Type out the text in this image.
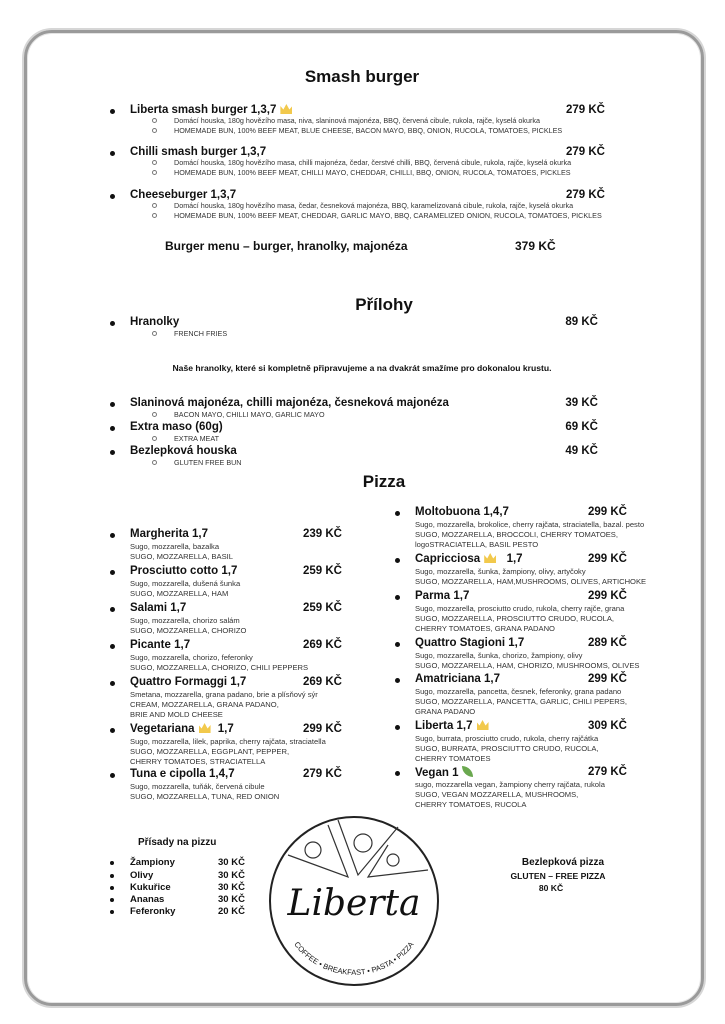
Smash burger
Liberta smash burger 1,3,7	279 KČ
Domácí houska, 180g hovězího masa, niva, slaninová majonéza, BBQ, červená cibule, rukola, rajče, kyselá okurka
HOMEMADE BUN, 100% BEEF MEAT, BLUE CHEESE, BACON MAYO, BBQ, ONION, RUCOLA, TOMATOES, PICKLES
Chilli smash burger 1,3,7	279 KČ
Domácí houska, 180g hovězího masa, chilli majonéza, čedar, čerstvé chilli, BBQ, červená cibule, rukola, rajče, kyselá okurka
HOMEMADE BUN, 100% BEEF MEAT, CHILLI MAYO, CHEDDAR, CHILLI, BBQ, ONION, RUCOLA, TOMATOES, PICKLES
Cheeseburger 1,3,7	279 KČ
Domácí houska, 180g hovězího masa, čedar, česneková majonéza, BBQ, karamelizovaná cibule, rukola, rajče, kyselá okurka
HOMEMADE BUN, 100% BEEF MEAT, CHEDDAR, GARLIC MAYO, BBQ, CARAMELIZED ONION, RUCOLA, TOMATOES, PICKLES
Burger menu – burger, hranolky, majonéza	379 KČ
Přílohy
Hranolky	89 KČ
FRENCH FRIES
Slaninová majonéza, chilli majonéza, česneková majonéza	39 KČ
BACON MAYO, CHILLI MAYO, GARLIC MAYO
Extra maso (60g)	69 KČ
EXTRA MEAT
Bezlepková houska	49 KČ
GLUTEN FREE BUN
Naše hranolky, které si kompletně připravujeme a na dvakrát smažíme pro dokonalou krustu.
Pizza
Margherita 1,7	239 KČ
Sugo, mozzarella, bazalka
SUGO, MOZZARELLA, BASIL
Prosciutto cotto 1,7	259 KČ
Sugo, mozzarella, dušená šunka
SUGO, MOZZARELLA, HAM
Salami 1,7	259 KČ
Sugo, mozzarella, chorizo salám
SUGO, MOZZARELLA, CHORIZO
Picante 1,7	269 KČ
Sugo, mozzarella, chorizo, feferonky
SUGO, MOZZARELLA, CHORIZO, CHILI PEPPERS
Quattro Formaggi 1,7	269 KČ
Smetana, mozzarella, grana padano, brie a plísňový sýr
CREAM, MOZZARELLA, GRANA PADANO,
BRIE AND MOLD CHEESE
Vegetariana 1,7	299 KČ
Sugo, mozzarella, lilek, paprika, cherry rajčata, straciatella
SUGO, MOZZARELLA, EGGPLANT, PEPPER,
CHERRY TOMATOES, STRACIATELLA
Tuna e cipolla 1,4,7	279 KČ
Sugo, mozzarella, tuňák, červená cibule
SUGO, MOZZARELLA, TUNA, RED ONION
Moltobuona 1,4,7	299 KČ
Sugo, mozzarella, brokolice, cherry rajčata, straciatella, bazal. pesto
SUGO, MOZZARELLA, BROCCOLI, CHERRY TOMATOES,
logoSTRACIATELLA, BASIL PESTO
Capricciosa  1,7	299 KČ
Sugo, mozzarella, šunka, žampiony, olivy, artyčoky
SUGO, MOZZARELLA, HAM,MUSHROOMS, OLIVES, ARTICHOKE
Parma 1,7	299 KČ
Sugo, mozzarella, prosciutto crudo, rukola, cherry rajče, grana
SUGO, MOZZARELLA, PROSCIUTTO CRUDO, RUCOLA,
CHERRY TOMATOES, GRANA PADANO
Quattro Stagioni 1,7	289 KČ
Sugo, mozzarella, šunka, chorizo, žampiony, olivy
SUGO, MOZZARELLA, HAM, CHORIZO, MUSHROOMS, OLIVES
Amatriciana 1,7	299 KČ
Sugo, mozzarella, pancetta, česnek, feferonky, grana padano
SUGO, MOZZARELLA, PANCETTA, GARLIC, CHILI PEPERS,
GRANA PADANO
Liberta 1,7	309 KČ
Sugo, burrata, prosciutto crudo, rukola, cherry rajčátka
SUGO, BURRATA, PROSCIUTTO CRUDO, RUCOLA,
CHERRY TOMATOES
Vegan 1	279 KČ
sugo, mozzarella vegan, žampiony cherry rajčata, rukola
SUGO, VEGAN MOZZARELLA, MUSHROOMS,
CHERRY TOMATOES, RUCOLA
Přísady na pizzu
Žampiony	30 KČ
Olivy	30 KČ
Kukuřice	30 KČ
Ananas	30 KČ
Feferonky	20 KČ
Bezlepková pizza
GLUTEN – FREE PIZZA
80 KČ
Liberta
COFFEE • BREAKFAST • PASTA • PIZZA
